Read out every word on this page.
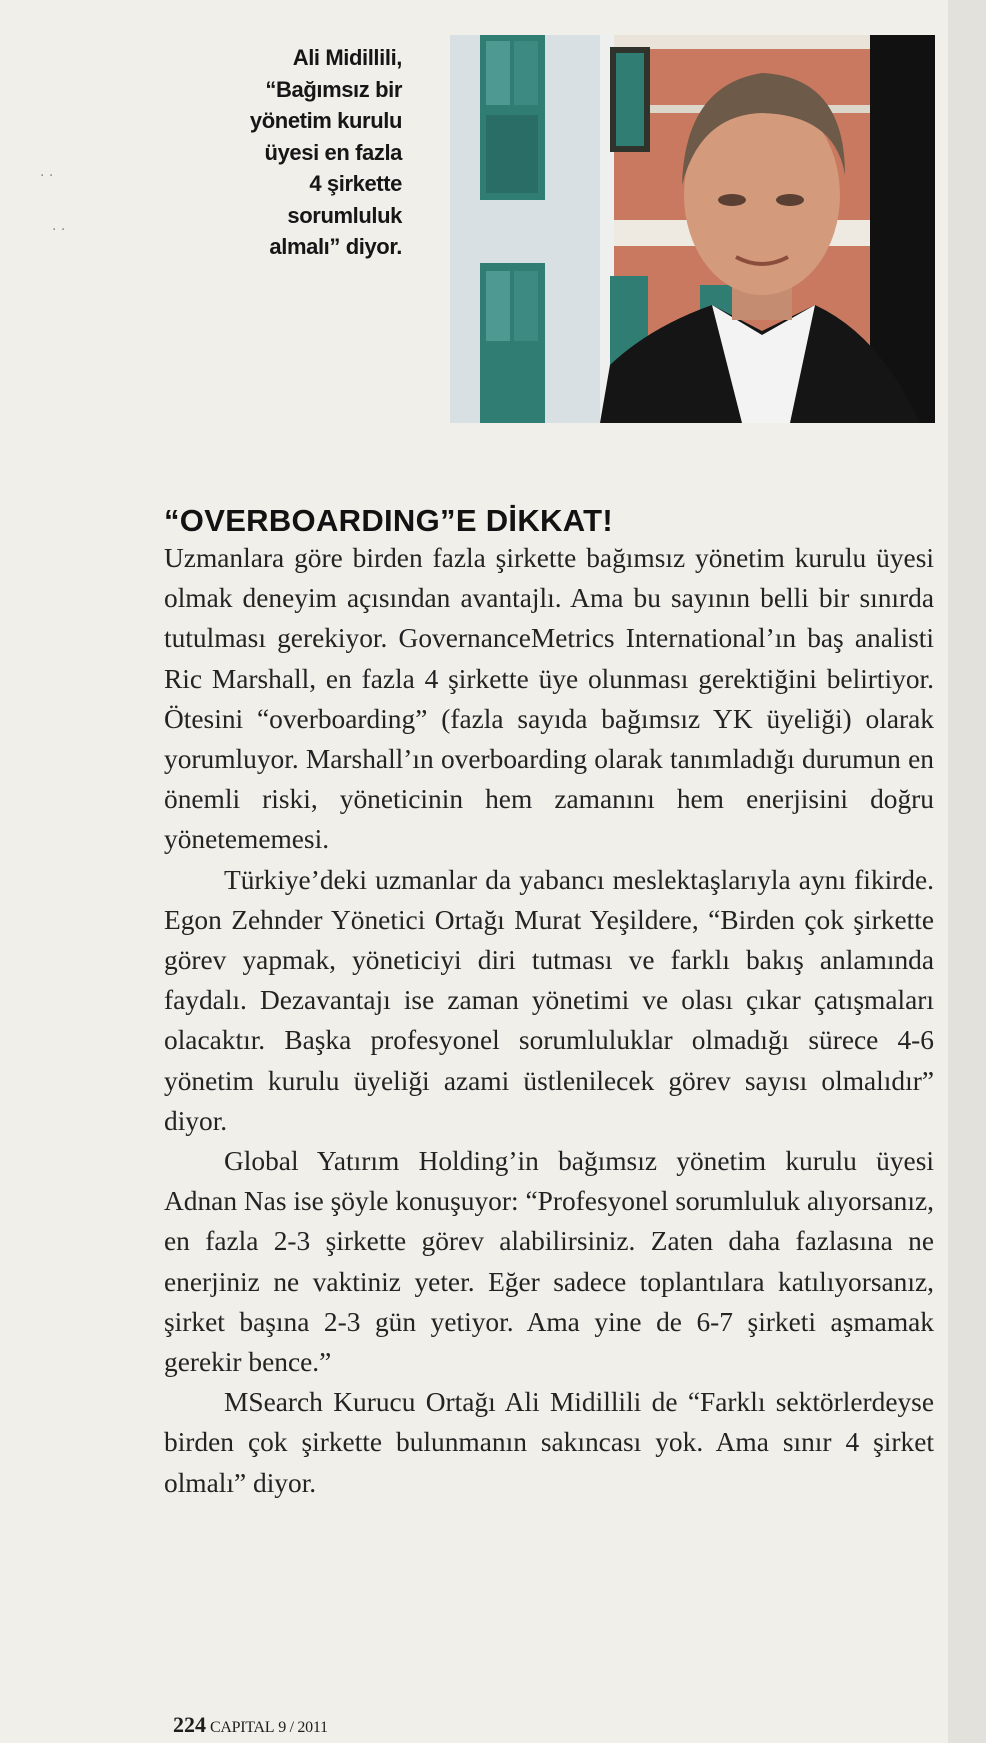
· ·
· ·
Ali Midillili,
“Bağımsız bir
yönetim kurulu
üyesi en fazla
4 şirkette
sorumluluk
almalı” diyor.
“OVERBOARDING”E DİKKAT!

Uzmanlara göre birden fazla şirkette bağımsız yönetim kurulu üyesi olmak deneyim açısından avantajlı. Ama bu sayının belli bir sınırda tutulması gerekiyor. GovernanceMetrics International’ın baş analisti Ric Marshall, en fazla 4 şirkette üye olunması gerektiğini belirtiyor. Ötesini “overboarding” (fazla sayıda bağımsız YK üyeliği) olarak yorumluyor. Marshall’ın overboarding olarak tanımladığı durumun en önemli riski, yöneticinin hem zamanını hem enerjisini doğru yönetememesi.

Türkiye’deki uzmanlar da yabancı meslektaşlarıyla aynı fikirde. Egon Zehnder Yönetici Ortağı Murat Yeşildere, “Birden çok şirkette görev yapmak, yöneticiyi diri tutması ve farklı bakış anlamında faydalı. Dezavantajı ise zaman yönetimi ve olası çıkar çatışmaları olacaktır. Başka profesyonel sorumluluklar olmadığı sürece 4-6 yönetim kurulu üyeliği azami üstlenilecek görev sayısı olmalıdır” diyor.

Global Yatırım Holding’in bağımsız yönetim kurulu üyesi Adnan Nas ise şöyle konuşuyor: “Profesyonel sorumluluk alıyorsanız, en fazla 2-3 şirkette görev alabilirsiniz. Zaten daha fazlasına ne enerjiniz ne vaktiniz yeter. Eğer sadece toplantılara katılıyorsanız, şirket başına 2-3 gün yetiyor. Ama yine de 6-7 şirketi aşmamak gerekir bence.”

MSearch Kurucu Ortağı Ali Midillili de “Farklı sektörlerdeyse birden çok şirkette bulunmanın sakıncası yok. Ama sınır 4 şirket olmalı” diyor.

224 CAPITAL 9 / 2011
